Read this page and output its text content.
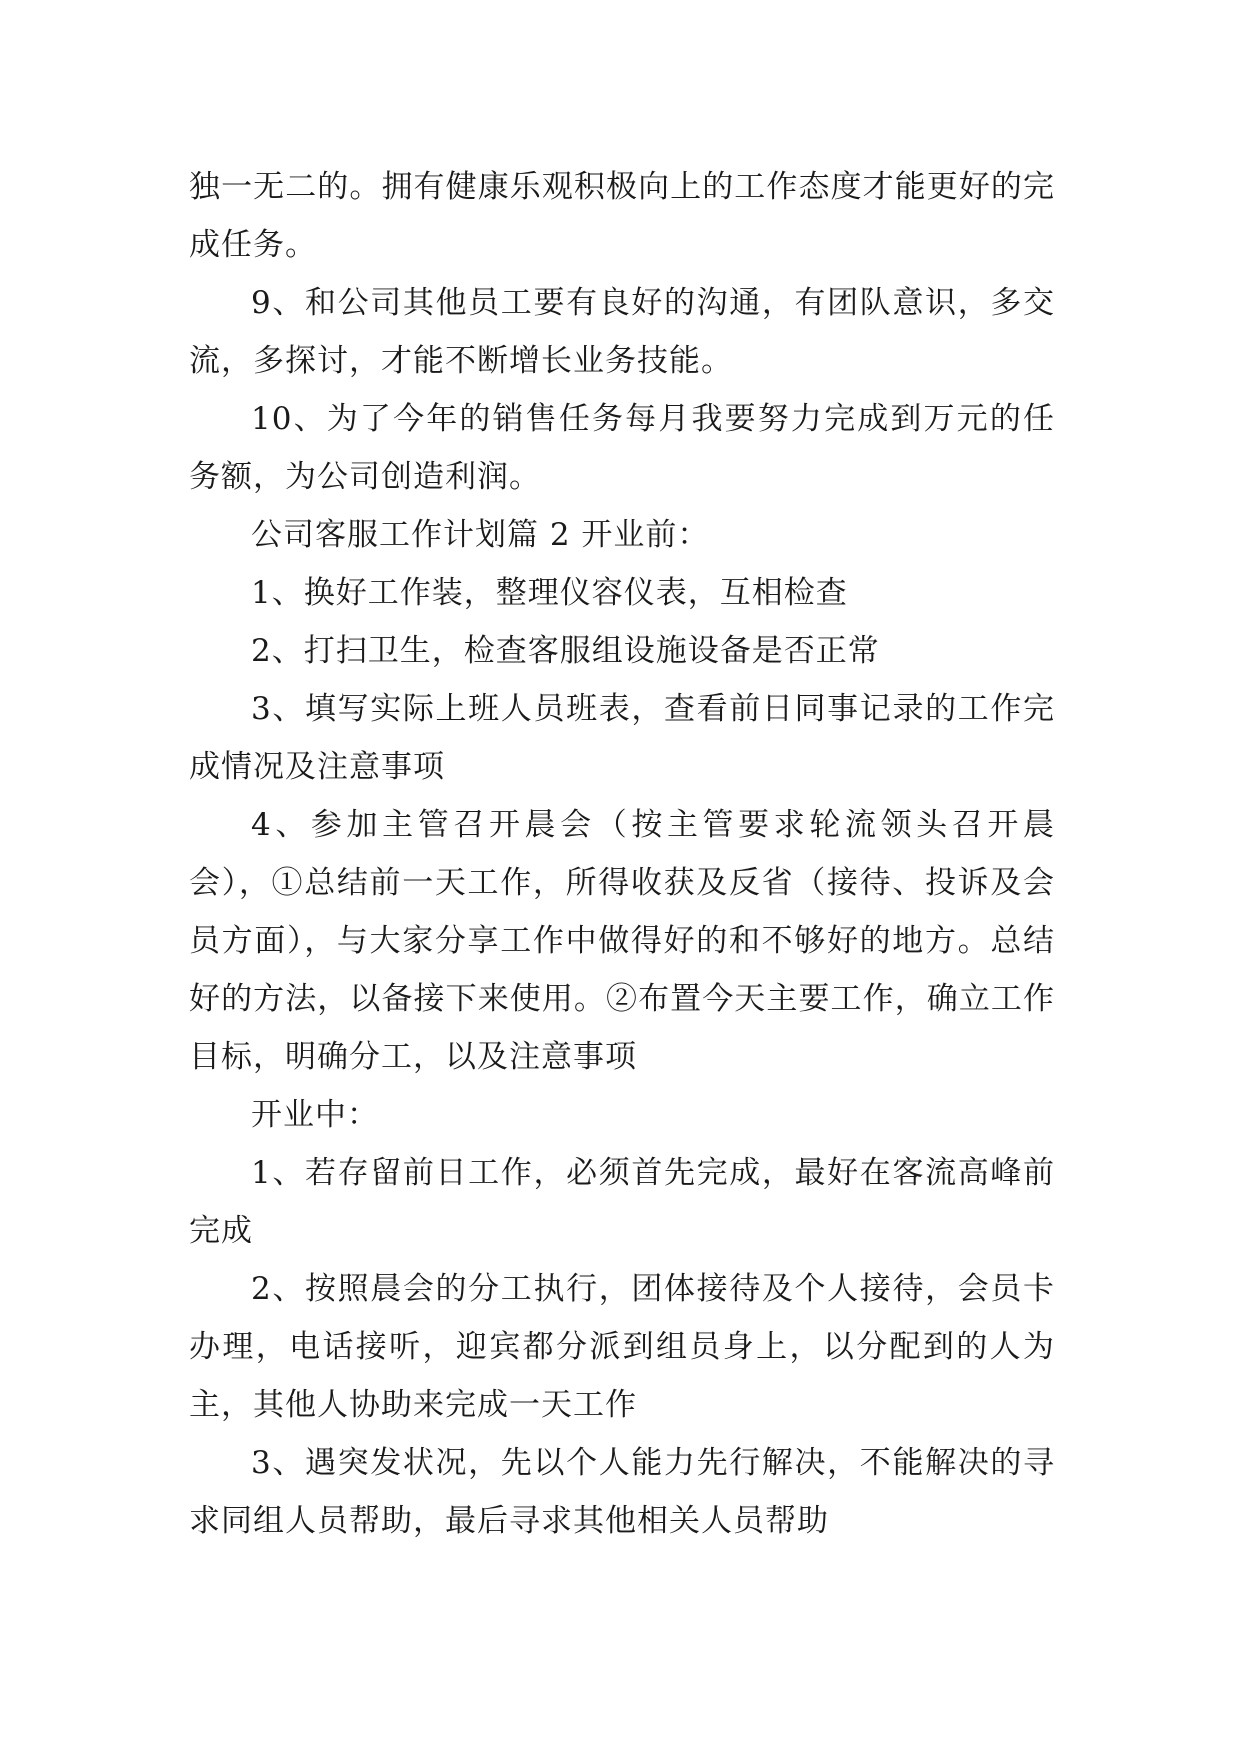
独一无二的。拥有健康乐观积极向上的工作态度才能更好的完成任务。

9、和公司其他员工要有良好的沟通，有团队意识，多交流，多探讨，才能不断增长业务技能。

10、为了今年的销售任务每月我要努力完成到万元的任务额，为公司创造利润。

公司客服工作计划篇 2 开业前：

1、换好工作装，整理仪容仪表，互相检查

2、打扫卫生，检查客服组设施设备是否正常

3、填写实际上班人员班表，查看前日同事记录的工作完成情况及注意事项

4、参加主管召开晨会（按主管要求轮流领头召开晨会），①总结前一天工作，所得收获及反省（接待、投诉及会员方面），与大家分享工作中做得好的和不够好的地方。总结好的方法，以备接下来使用。②布置今天主要工作，确立工作目标，明确分工，以及注意事项

开业中：

1、若存留前日工作，必须首先完成，最好在客流高峰前完成

2、按照晨会的分工执行，团体接待及个人接待，会员卡办理，电话接听，迎宾都分派到组员身上，以分配到的人为主，其他人协助来完成一天工作

3、遇突发状况，先以个人能力先行解决，不能解决的寻求同组人员帮助，最后寻求其他相关人员帮助
